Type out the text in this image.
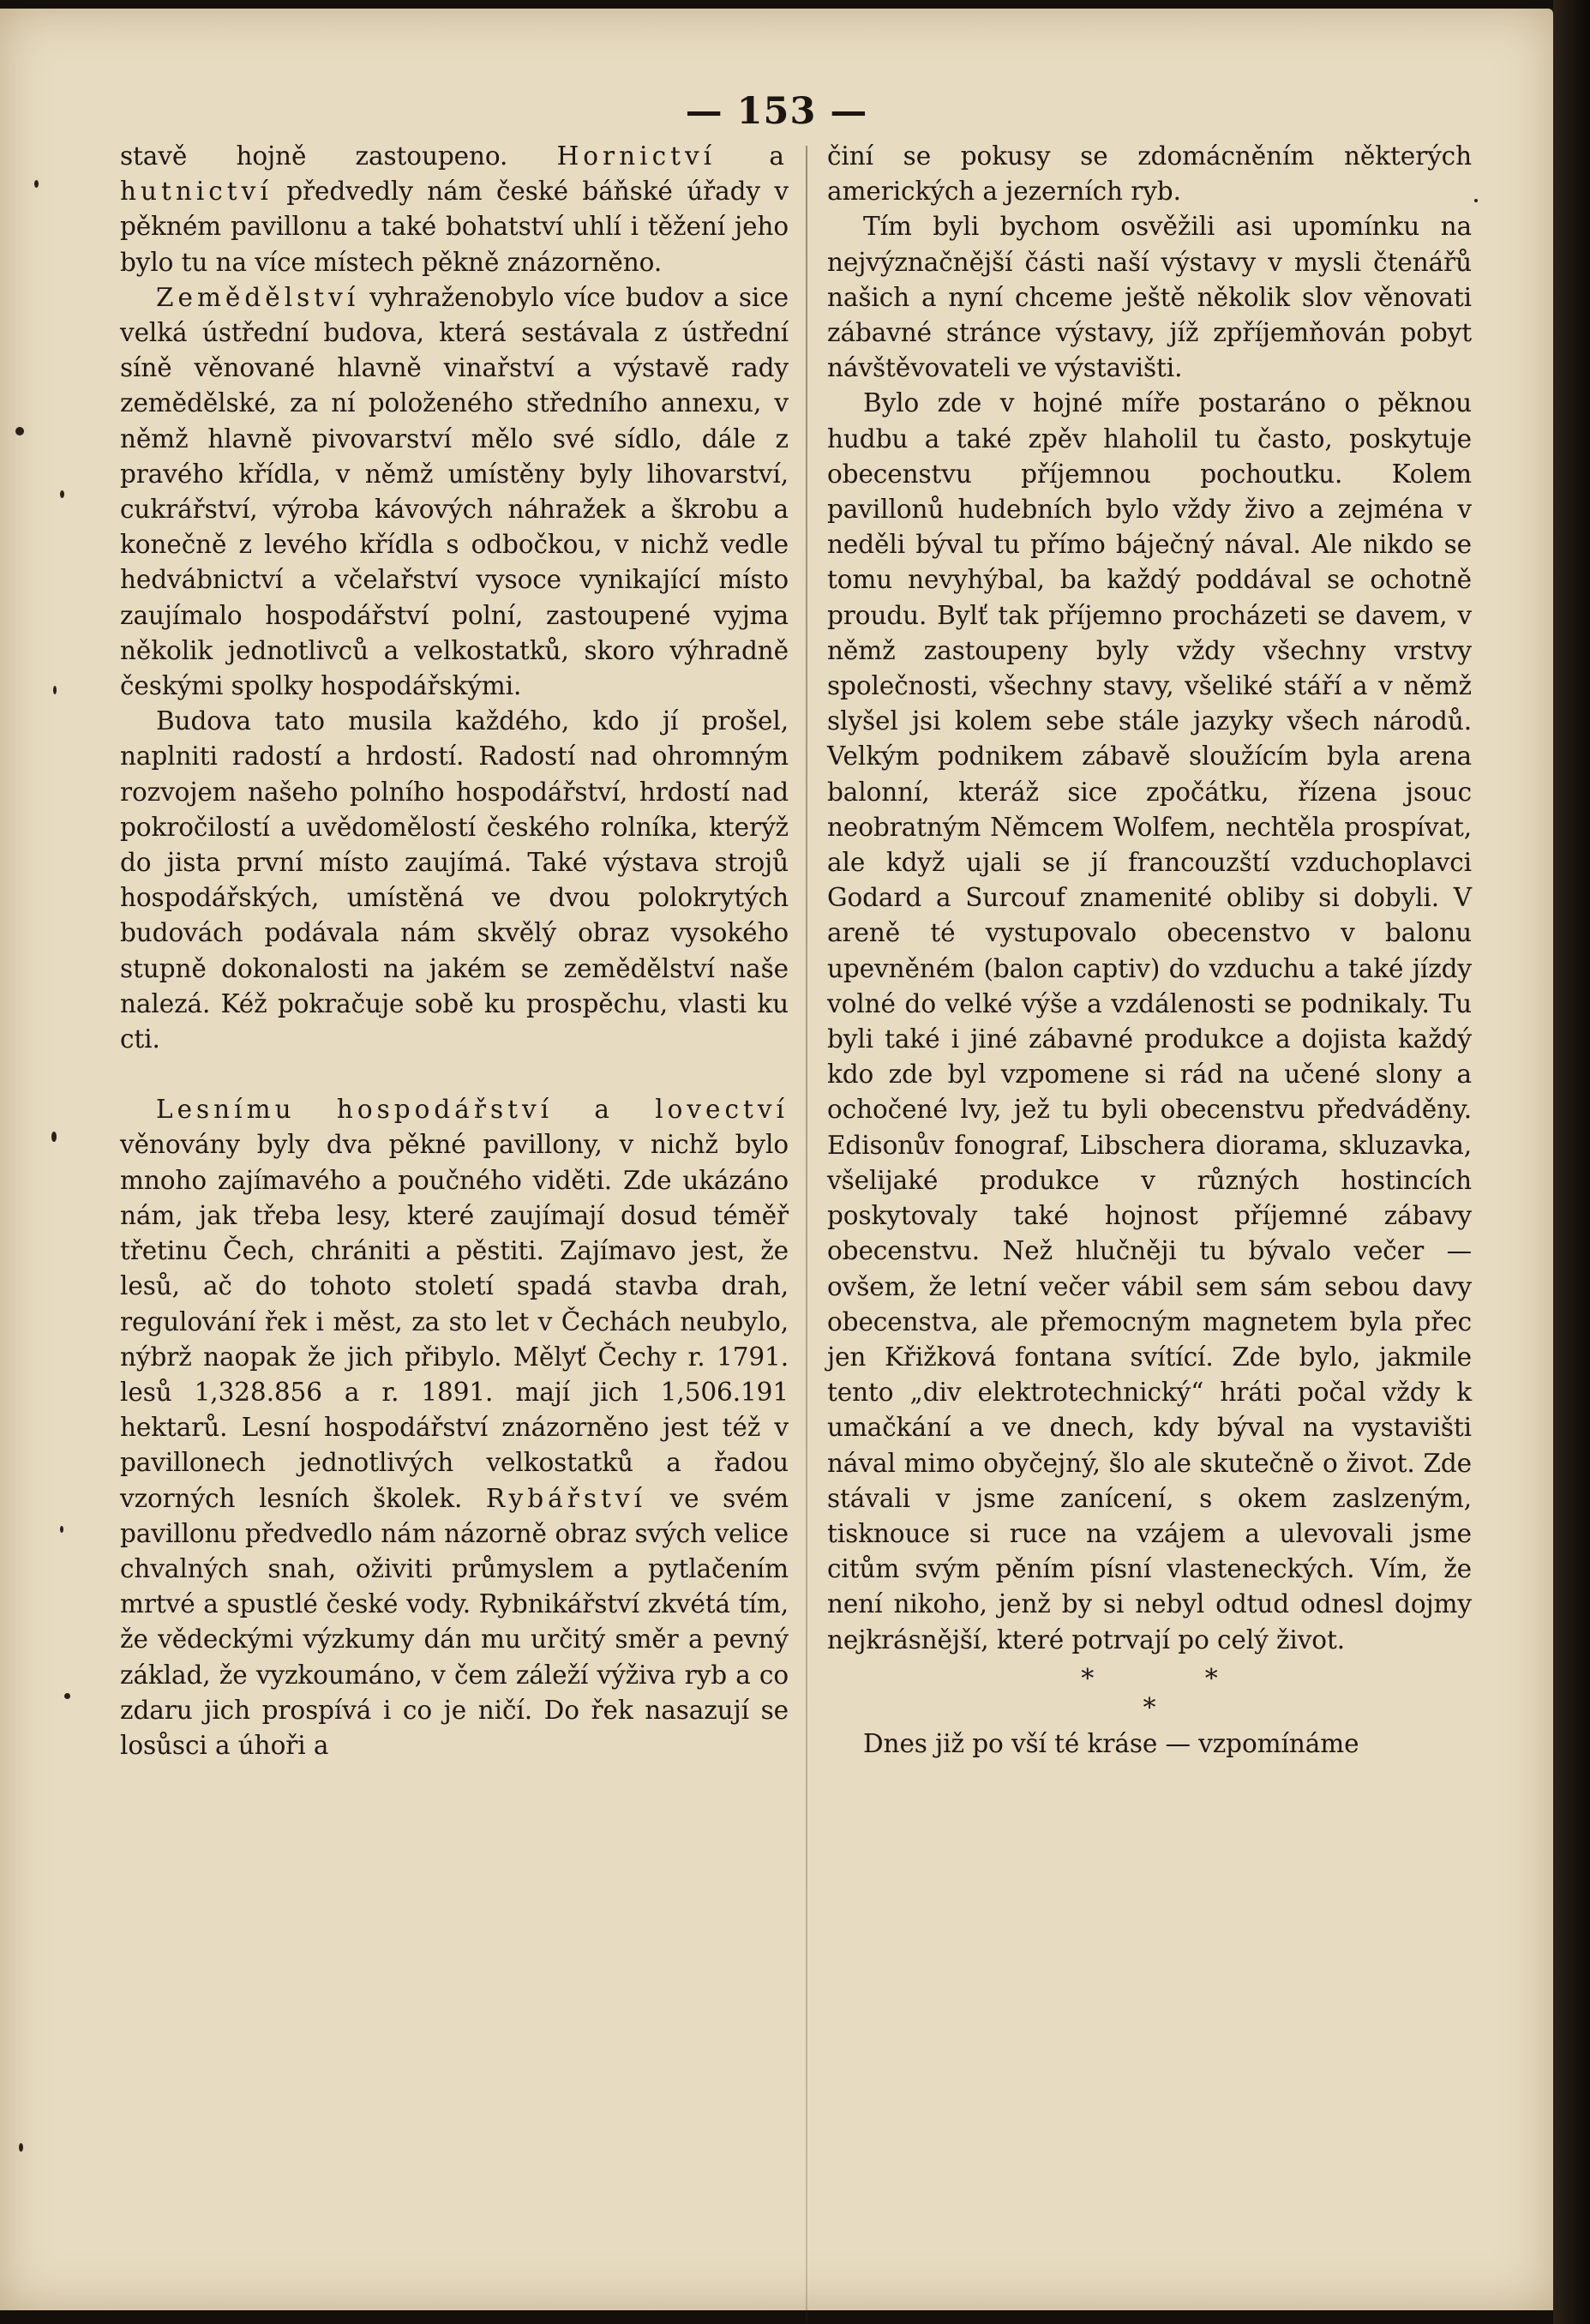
— 153 —

stavě hojně zastoupeno. Hornictví a hutnictví předvedly nám české báňské úřady v pěkném pavillonu a také bohatství uhlí i těžení jeho bylo tu na více místech pěkně znázorněno.

Zemědělství vyhraženobylo více budov a sice velká ústřední budova, která sestávala z ústřední síně věnované hlavně vinařství a výstavě rady zemědělské, za ní položeného středního annexu, v němž hlavně pivovarství mělo své sídlo, dále z pravého křídla, v němž umístěny byly lihovarství, cukrářství, výroba kávových náhražek a škrobu a konečně z levého křídla s odbočkou, v nichž vedle hedvábnictví a včelařství vysoce vynikající místo zaujímalo hospodářství polní, zastoupené vyjma několik jednotlivců a velkostatků, skoro výhradně českými spolky hospodářskými.

Budova tato musila každého, kdo jí prošel, naplniti radostí a hrdostí. Radostí nad ohromným rozvojem našeho polního hospodářství, hrdostí nad pokročilostí a uvědomělostí českého rolníka, kterýž do jista první místo zaujímá. Také výstava strojů hospodářských, umístěná ve dvou polokrytých budovách podávala nám skvělý obraz vysokého stupně dokonalosti na jakém se zemědělství naše nalezá. Kéž pokračuje sobě ku prospěchu, vlasti ku cti.

Lesnímu hospodářství a lovectví věnovány byly dva pěkné pavillony, v nichž bylo mnoho zajímavého a poučného viděti. Zde ukázáno nám, jak třeba lesy, které zaujímají dosud téměř třetinu Čech, chrániti a pěstiti. Zajímavo jest, že lesů, ač do tohoto století spadá stavba drah, regulování řek i měst, za sto let v Čechách neubylo, nýbrž naopak že jich přibylo. Mělyť Čechy r. 1791. lesů 1,328.856 a r. 1891. mají jich 1,506.191 hektarů. Lesní hospodářství znázorněno jest též v pavillonech jednotlivých velkostatků a řadou vzorných lesních školek. Rybářství ve svém pavillonu předvedlo nám názorně obraz svých velice chvalných snah, oživiti průmyslem a pytlačením mrtvé a spustlé české vody. Rybnikářství zkvétá tím, že vědeckými výzkumy dán mu určitý směr a pevný základ, že vyzkoumáno, v čem záleží výživa ryb a co zdaru jich prospívá i co je ničí. Do řek nasazují se losůsci a úhoři a

činí se pokusy se zdomácněním některých amerických a jezerních ryb.

Tím byli bychom osvěžili asi upomínku na nejvýznačnější části naší výstavy v mysli čtenářů našich a nyní chceme ještě několik slov věnovati zábavné stránce výstavy, jíž zpříjemňován pobyt návštěvovateli ve výstavišti.

Bylo zde v hojné míře postaráno o pěknou hudbu a také zpěv hlaholil tu často, poskytuje obecenstvu příjemnou pochoutku. Kolem pavillonů hudebních bylo vždy živo a zejména v neděli býval tu přímo báječný nával. Ale nikdo se tomu nevyhýbal, ba každý poddával se ochotně proudu. Bylť tak příjemno procházeti se davem, v němž zastoupeny byly vždy všechny vrstvy společnosti, všechny stavy, všeliké stáří a v němž slyšel jsi kolem sebe stále jazyky všech národů. Velkým podnikem zábavě sloužícím byla arena balonní, kteráž sice zpočátku, řízena jsouc neobratným Němcem Wolfem, nechtěla prospívat, ale když ujali se jí francouzští vzduchoplavci Godard a Surcouf znamenité obliby si dobyli. V areně té vystupovalo obecenstvo v balonu upevněném (balon captiv) do vzduchu a také jízdy volné do velké výše a vzdálenosti se podnikaly. Tu byli také i jiné zábavné produkce a dojista každý kdo zde byl vzpomene si rád na učené slony a ochočené lvy, jež tu byli obecenstvu předváděny. Edisonův fonograf, Libschera diorama, skluzavka, všelijaké produkce v různých hostincích poskytovaly také hojnost příjemné zábavy obecenstvu. Než hlučněji tu bývalo večer — ovšem, že letní večer vábil sem sám sebou davy obecenstva, ale přemocným magnetem byla přec jen Křižková fontana svítící. Zde bylo, jakmile tento „div elektrotechnický“ hráti počal vždy k umačkání a ve dnech, kdy býval na vystavišti nával mimo obyčejný, šlo ale skutečně o život. Zde stávali v jsme zanícení, s okem zaslzeným, tisknouce si ruce na vzájem a ulevovali jsme citům svým pěním písní vlasteneckých. Vím, že není nikoho, jenž by si nebyl odtud odnesl dojmy nejkrásnější, které potrvají po celý život.

* *
*

Dnes již po vší té kráse — vzpomínáme
